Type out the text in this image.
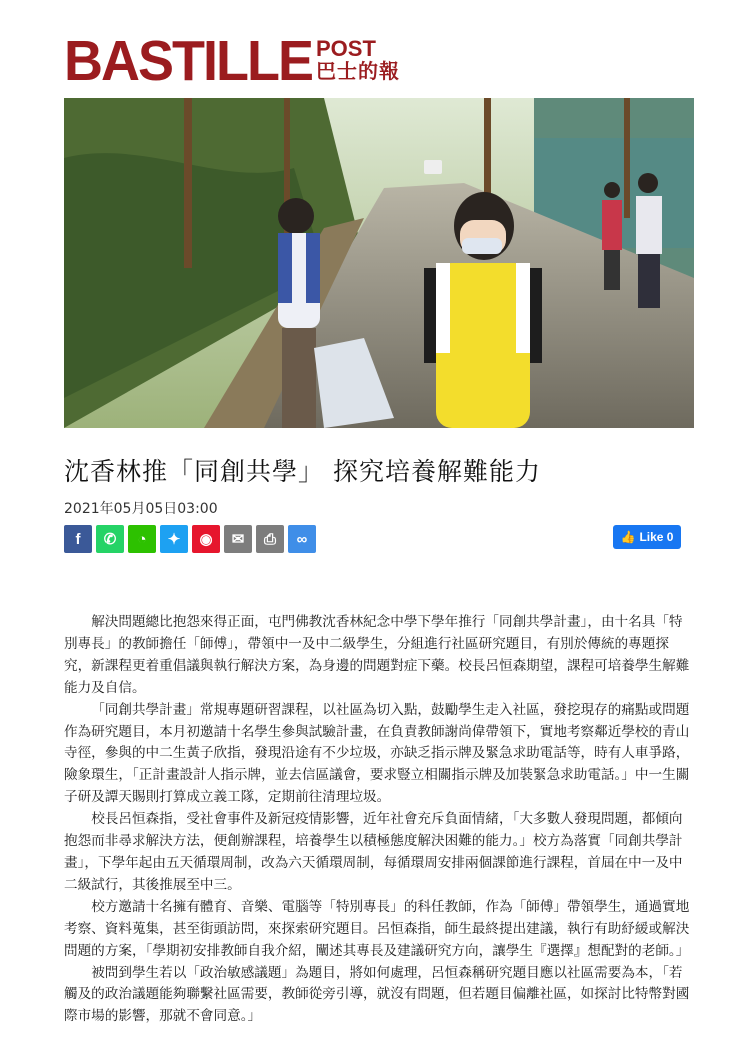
BASTILLE POST
巴士的報
沈香林推「同創共學」 探究培養解難能力
2021年05月05日03:00
f ✆ ◔ ✦ ◉ ✉ ⎙ ∞	👍 Like 0

解決問題總比抱怨來得正面，屯門佛教沈香林紀念中學下學年推行「同創共學計畫」，由十名具「特別專長」的教師擔任「師傅」，帶領中一及中二級學生，分組進行社區研究題目，有別於傳統的專題探究，新課程更着重倡議與執行解決方案，為身邊的問題對症下藥。校長呂恒森期望，課程可培養學生解難能力及自信。

「同創共學計畫」常規專題研習課程，以社區為切入點，鼓勵學生走入社區，發挖現存的痛點或問題作為研究題目，本月初邀請十名學生參與試驗計畫，在負責教師謝尚偉帶領下，實地考察鄰近學校的青山寺徑，參與的中二生黃子欣指，發現沿途有不少垃圾，亦缺乏指示牌及緊急求助電話等，時有人車爭路，險象環生，「正計畫設計人指示牌，並去信區議會，要求豎立相關指示牌及加裝緊急求助電話。」中一生關子研及譚天賜則打算成立義工隊，定期前往清理垃圾。

校長呂恒森指，受社會事件及新冠疫情影響，近年社會充斥負面情緒，「大多數人發現問題，都傾向抱怨而非尋求解決方法，便創辦課程，培養學生以積極態度解決困難的能力。」校方為落實「同創共學計畫」，下學年起由五天循環周制，改為六天循環周制，每循環周安排兩個課節進行課程，首屆在中一及中二級試行，其後推展至中三。

校方邀請十名擁有體育、音樂、電腦等「特別專長」的科任教師，作為「師傅」帶領學生，通過實地考察、資料蒐集，甚至街頭訪問，來探索研究題目。呂恒森指，師生最終提出建議，執行有助紓緩或解決問題的方案，「學期初安排教師自我介紹，闡述其專長及建議研究方向，讓學生『選擇』想配對的老師。」

被問到學生若以「政治敏感議題」為題目，將如何處理，呂恒森稱研究題目應以社區需要為本，「若觸及的政治議題能夠聯繫社區需要，教師從旁引導，就沒有問題，但若題目偏離社區，如探討比特幣對國際市場的影響，那就不會同意。」
